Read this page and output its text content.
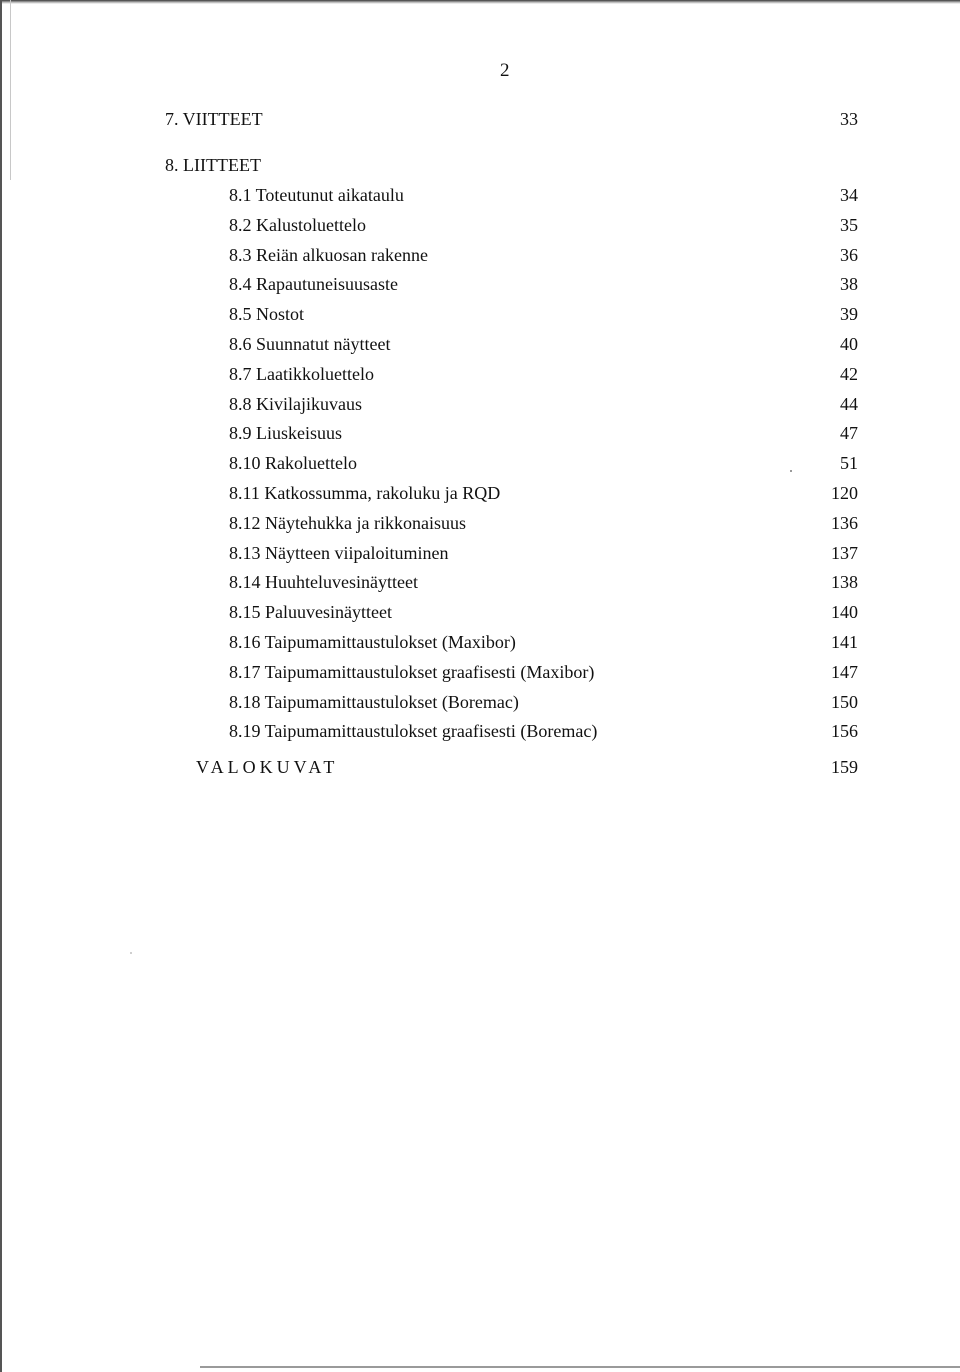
2
7. VIITTEET	33
8. LIITTEET
8.1 Toteutunut aikataulu	34
8.2 Kalustoluettelo	35
8.3 Reiän alkuosan rakenne	36
8.4 Rapautuneisuusaste	38
8.5 Nostot	39
8.6 Suunnatut näytteet	40
8.7 Laatikkoluettelo	42
8.8 Kivilajikuvaus	44
8.9 Liuskeisuus	47
8.10 Rakoluettelo	51
8.11 Katkossumma, rakoluku ja RQD	120
8.12 Näytehukka ja rikkonaisuus	136
8.13 Näytteen viipaloituminen	137
8.14 Huuhteluvesinäytteet	138
8.15 Paluuvesinäytteet	140
8.16 Taipumamittaustulokset (Maxibor)	141
8.17 Taipumamittaustulokset graafisesti (Maxibor)	147
8.18 Taipumamittaustulokset (Boremac)	150
8.19 Taipumamittaustulokset graafisesti (Boremac)	156
VALOKUVAT	159
